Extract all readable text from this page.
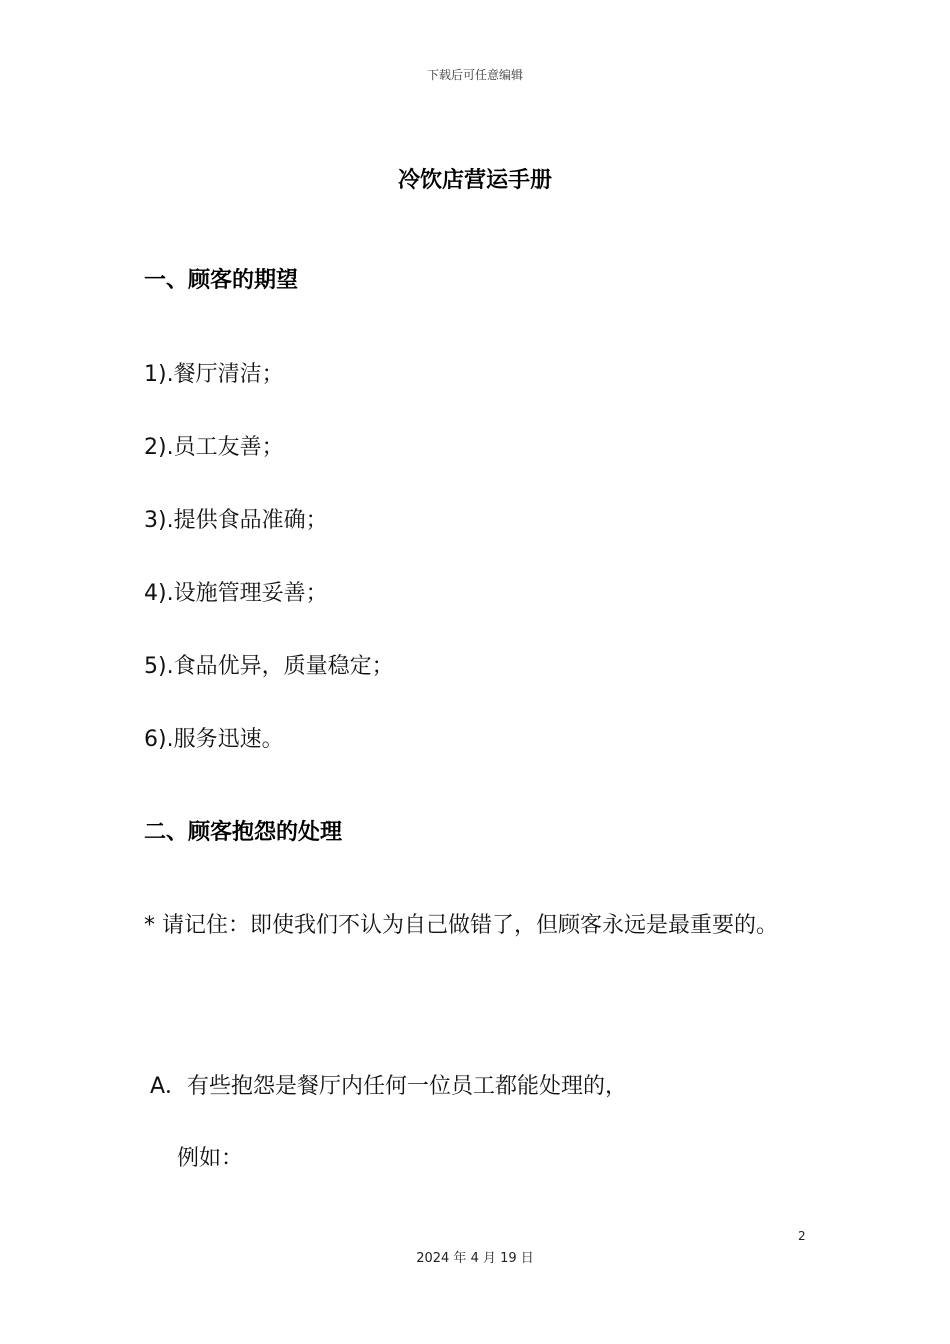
下载后可任意编辑
冷饮店营运手册
一、顾客的期望
1).餐厅清洁；
2).员工友善；
3).提供食品准确；
4).设施管理妥善；
5).食品优异，质量稳定；
6).服务迅速。
二、顾客抱怨的处理
* 请记住：即使我们不认为自己做错了，但顾客永远是最重要的。
A．有些抱怨是餐厅内任何一位员工都能处理的，
例如：
2
2024 年 4 月 19 日
